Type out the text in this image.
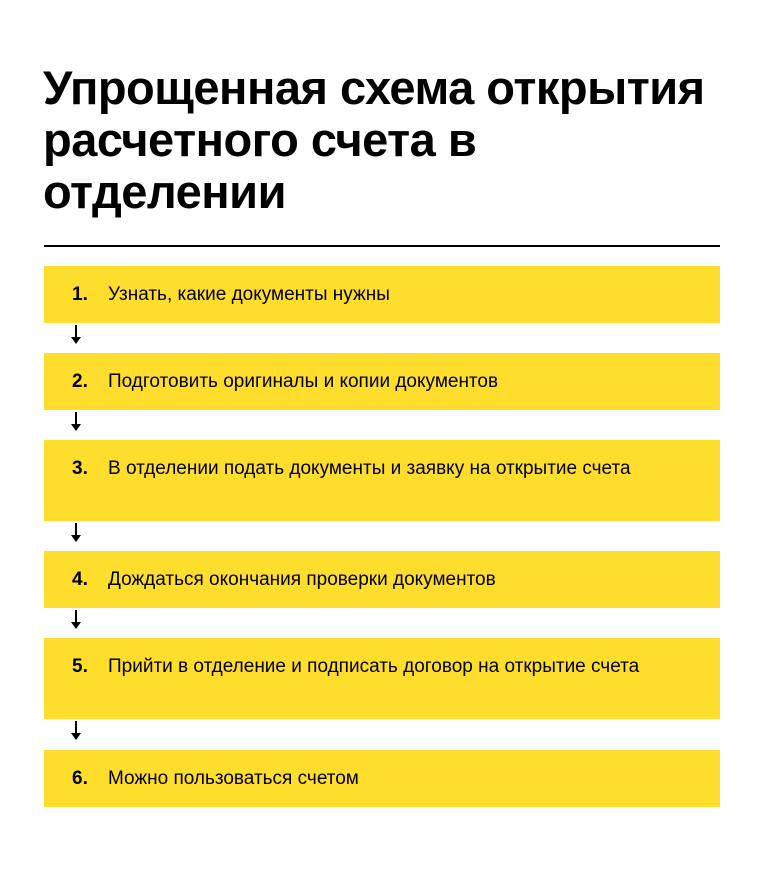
Упрощенная схема открытия расчетного счета в отделении
1. Узнать, какие документы нужны
2. Подготовить оригиналы и копии документов
3. В отделении подать документы и заявку на открытие счета
4. Дождаться окончания проверки документов
5. Прийти в отделение и подписать договор на открытие счета
6. Можно пользоваться счетом
